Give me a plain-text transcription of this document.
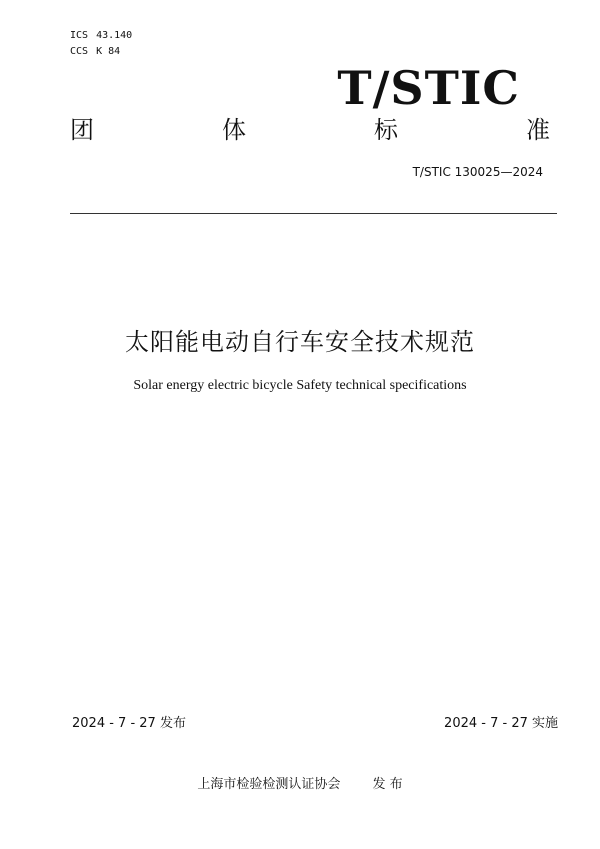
ICS 43.140
CCS K 84
T/STIC
团	体	标	准
T/STIC 130025—2024
太阳能电动自行车安全技术规范
Solar energy electric bicycle Safety technical specifications
2024 - 7 - 27 发布	2024 - 7 - 27 实施
上海市检验检测认证协会 发 布
